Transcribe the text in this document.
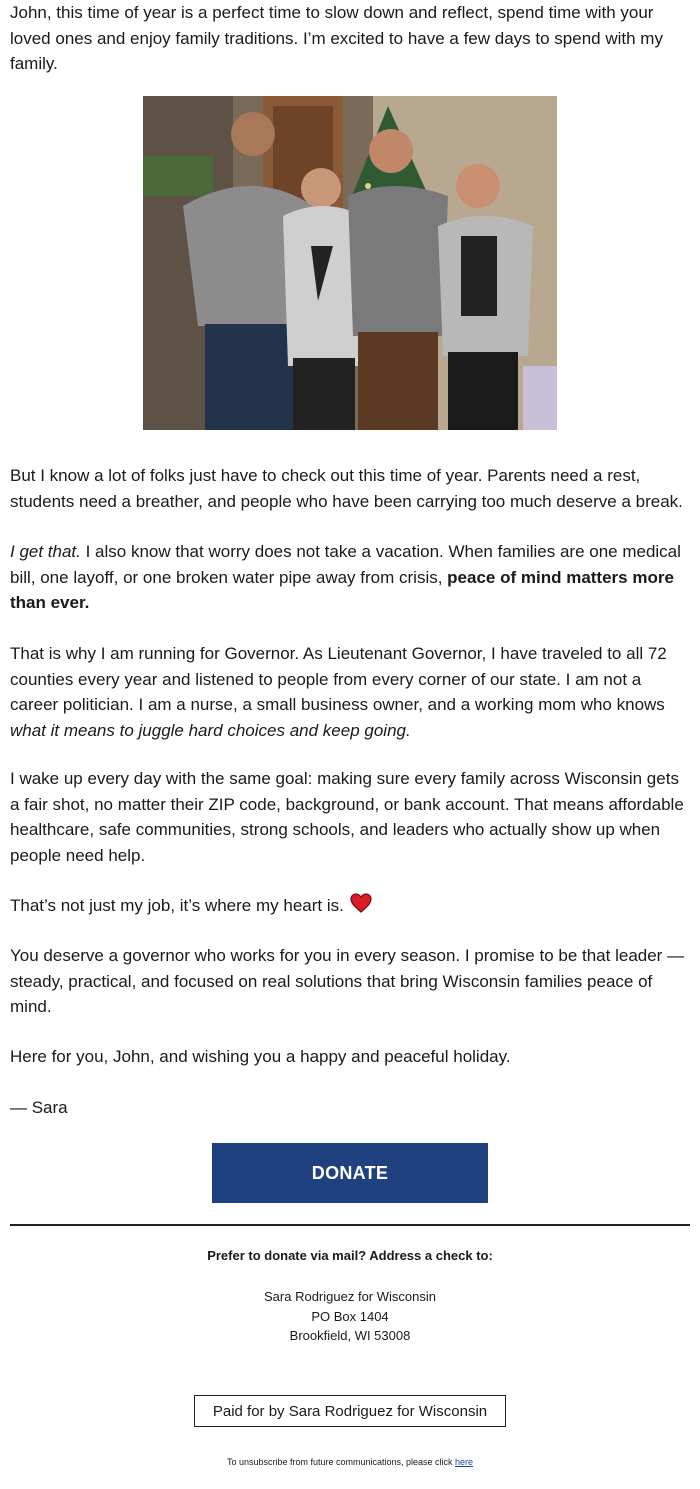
John, this time of year is a perfect time to slow down and reflect, spend time with your loved ones and enjoy family traditions. I’m excited to have a few days to spend with my family.

But I know a lot of folks just have to check out this time of year. Parents need a rest, students need a breather, and people who have been carrying too much deserve a break.

I get that. I also know that worry does not take a vacation. When families are one medical bill, one layoff, or one broken water pipe away from crisis, peace of mind matters more than ever.

That is why I am running for Governor. As Lieutenant Governor, I have traveled to all 72 counties every year and listened to people from every corner of our state. I am not a career politician. I am a nurse, a small business owner, and a working mom who knows what it means to juggle hard choices and keep going.

I wake up every day with the same goal: making sure every family across Wisconsin gets a fair shot, no matter their ZIP code, background, or bank account. That means affordable healthcare, safe communities, strong schools, and leaders who actually show up when people need help.

That’s not just my job, it’s where my heart is.

You deserve a governor who works for you in every season. I promise to be that leader — steady, practical, and focused on real solutions that bring Wisconsin families peace of mind.

Here for you, John, and wishing you a happy and peaceful holiday.

— Sara

DONATE
Prefer to donate via mail? Address a check to:
Sara Rodriguez for Wisconsin
PO Box 1404
Brookfield, WI 53008
Paid for by Sara Rodriguez for Wisconsin
To unsubscribe from future communications, please click here
